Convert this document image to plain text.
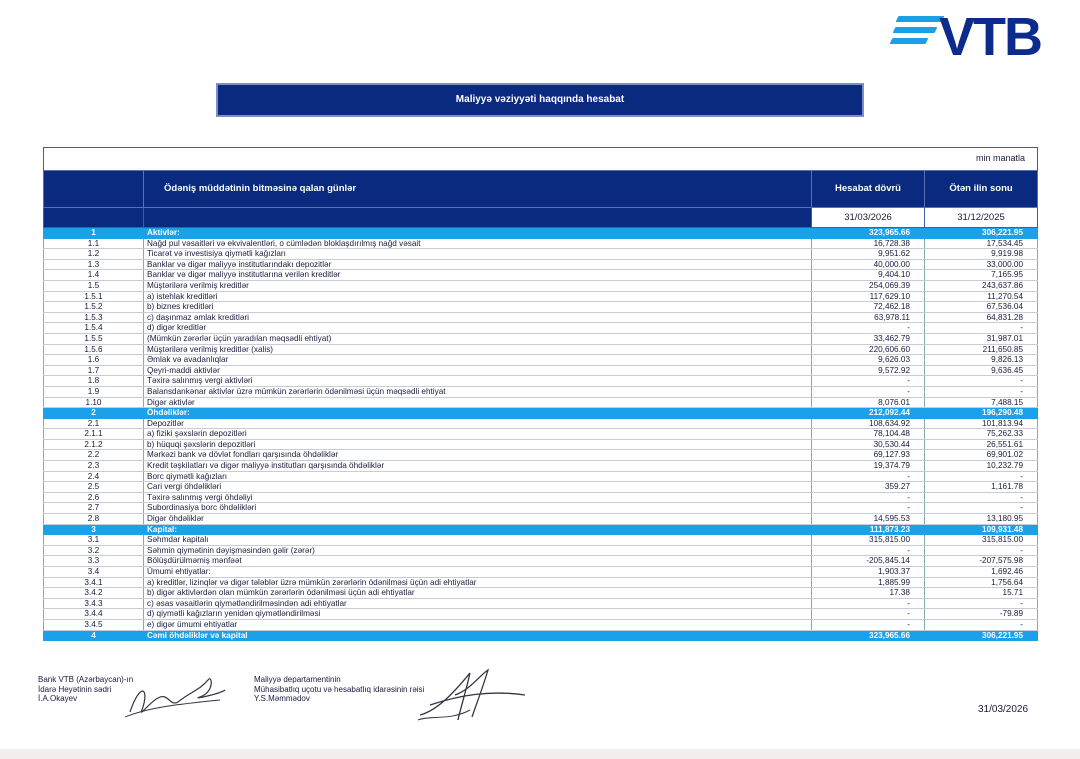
VTB
Maliyyə vəziyyəti haqqında hesabat
min manatla			
	Ödəniş müddətinin bitməsinə qalan günlər	Hesabat dövrü	Ötən ilin sonu
		31/03/2026	31/12/2025
1	Aktivlər:	323,965.66	306,221.95
1.1	Nağd pul vəsaitləri və ekvivalentləri, o cümlədən bloklaşdırılmış nağd vəsait	16,728.38	17,534.45
1.2	Ticarət və investisiya qiymətli kağızları	9,951.62	9,919.98
1.3	Banklar və digər maliyyə institutlarındakı depozitlər	40,000.00	33,000.00
1.4	Banklar və digər maliyyə institutlarına verilən kreditlər	9,404.10	7,165.95
1.5	Müştərilərə verilmiş kreditlər	254,069.39	243,637.86
1.5.1	a) istehlak kreditləri	117,629.10	11,270.54
1.5.2	b) biznes kreditləri	72,462.18	67,536.04
1.5.3	c) daşınmaz əmlak kreditləri	63,978.11	64,831.28
1.5.4	d) digər kreditlər	-	-
1.5.5	(Mümkün zərərlər üçün yaradılan məqsədli ehtiyat)	33,462.79	31,987.01
1.5.6	Müştərilərə verilmiş kreditlər (xalis)	220,606.60	211,650.85
1.6	Əmlak və avadanlıqlar	9,626.03	9,826.13
1.7	Qeyri-maddi aktivlər	9,572.92	9,636.45
1.8	Təxirə salınmış vergi aktivləri	-	-
1.9	Balansdankənar aktivlər üzrə mümkün zərərlərin ödənilməsi üçün məqsədli ehtiyat	-	-
1.10	Digər aktivlər	8,076.01	7,488.15
2	Öhdəliklər:	212,092.44	196,290.48
2.1	Depozitlər	108,634.92	101,813.94
2.1.1	a) fiziki şəxslərin depozitləri	78,104.48	75,262.33
2.1.2	b) hüquqi şəxslərin depozitləri	30,530.44	26,551.61
2.2	Mərkəzi bank və dövlət fondları qarşısında öhdəliklər	69,127.93	69,901.02
2.3	Kredit təşkilatları və digər maliyyə institutları qarşısında öhdəliklər	19,374.79	10,232.79
2.4	Borc qiymətli kağızları	-	-
2.5	Cari vergi öhdəlikləri	359.27	1,161.78
2.6	Təxirə salınmış vergi öhdəliyi	-	-
2.7	Subordinasiya borc öhdəlikləri	-	-
2.8	Digər öhdəliklər	14,595.53	13,180.95
3	Kapital:	111,873.23	109,931.48
3.1	Səhmdar kapitalı	315,815.00	315,815.00
3.2	Səhmin qiymətinin dəyişməsindən gəlir (zərər)	-	-
3.3	Bölüşdürülməmiş mənfəət	-205,845.14	-207,575.98
3.4	Ümumi ehtiyatlar:	1,903.37	1,692.46
3.4.1	a) kreditlər, lizinqlər və digər tələblər üzrə mümkün zərərlərin ödənilməsi üçün adi ehtiyatlar	1,885.99	1,756.64
3.4.2	b) digər aktivlərdən olan mümkün zərərlərin ödənilməsi üçün adi ehtiyatlar	17.38	15.71
3.4.3	c) əsas vəsaitlərin qiymətləndirilməsindən adi ehtiyatlar	-	-
3.4.4	d) qiymətli kağızların yenidən qiymətləndirilməsi	-	-79.89
3.4.5	e) digər ümumi ehtiyatlar	-	-
4	Cəmi öhdəliklər və kapital	323,965.66	306,221.95
Bank VTB (Azərbaycan)-ın
İdarə Heyətinin sədri
İ.A.Okayev
Maliyyə departamentinin
Mühasibatlıq uçotu və hesabatlıq idarəsinin rəisi
Y.S.Məmmədov
31/03/2026
